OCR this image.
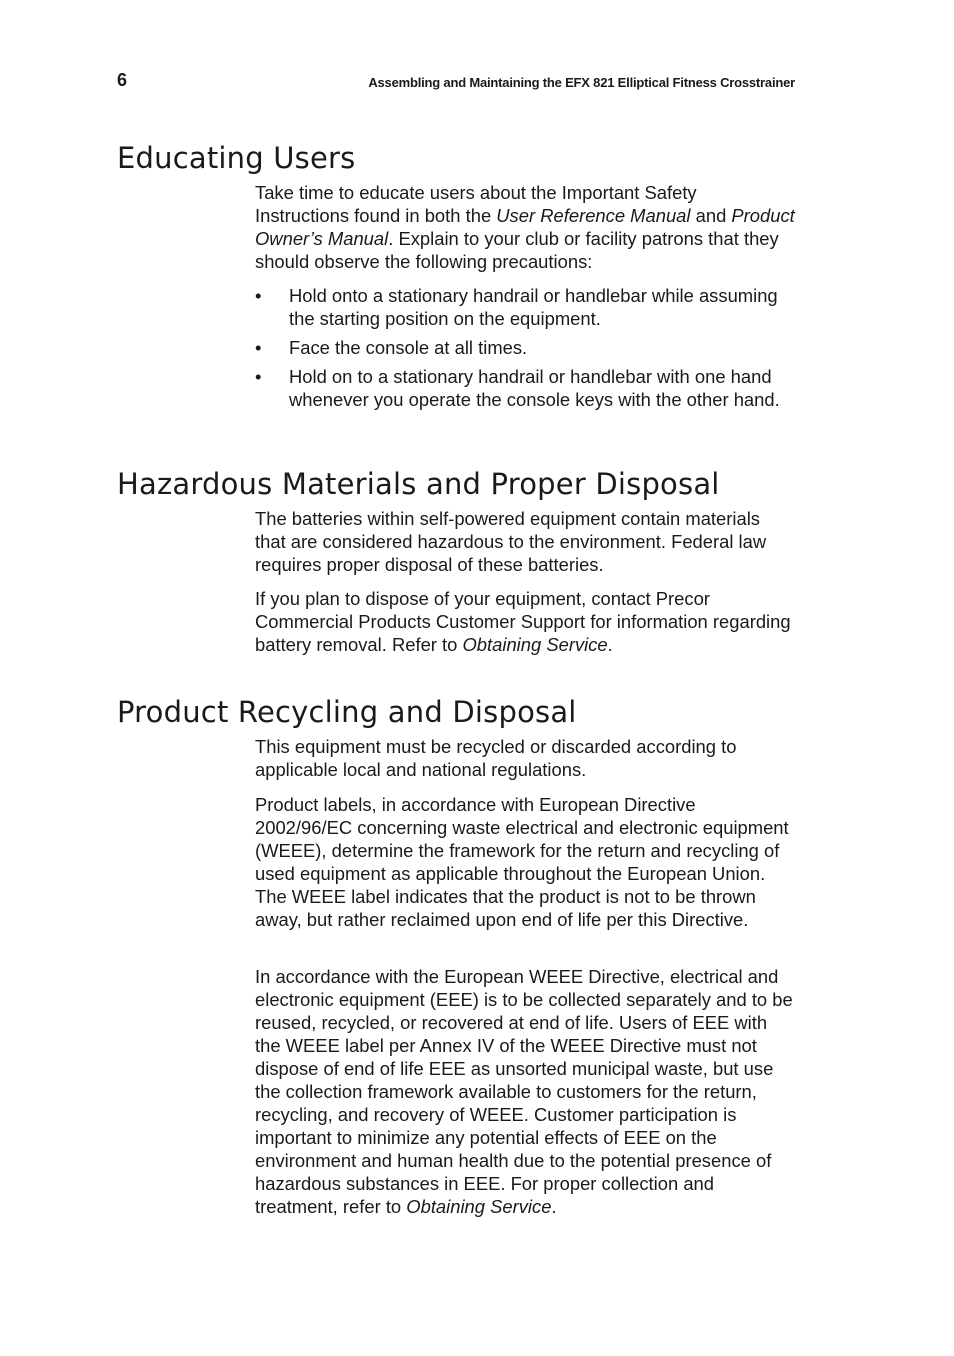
6	Assembling and Maintaining the EFX 821 Elliptical Fitness Crosstrainer
Educating Users

Take time to educate users about the Important Safety Instructions found in both the User Reference Manual and Product Owner’s Manual. Explain to your club or facility patrons that they should observe the following precautions:

•	Hold onto a stationary handrail or handlebar while assuming the starting position on the equipment.
•	Face the console at all times.
•	Hold on to a stationary handrail or handlebar with one hand whenever you operate the console keys with the other hand.
Hazardous Materials and Proper Disposal

The batteries within self-powered equipment contain materials that are considered hazardous to the environment. Federal law requires proper disposal of these batteries.

If you plan to dispose of your equipment, contact Precor Commercial Products Customer Support for information regarding battery removal. Refer to Obtaining Service.

Product Recycling and Disposal

This equipment must be recycled or discarded according to applicable local and national regulations.

Product labels, in accordance with European Directive 2002/96/EC concerning waste electrical and electronic equipment (WEEE), determine the framework for the return and recycling of used equipment as applicable throughout the European Union. The WEEE label indicates that the product is not to be thrown away, but rather reclaimed upon end of life per this Directive.

In accordance with the European WEEE Directive, electrical and electronic equipment (EEE) is to be collected separately and to be reused, recycled, or recovered at end of life. Users of EEE with the WEEE label per Annex IV of the WEEE Directive must not dispose of end of life EEE as unsorted municipal waste, but use the collection framework available to customers for the return, recycling, and recovery of WEEE. Customer participation is important to minimize any potential effects of EEE on the environment and human health due to the potential presence of hazardous substances in EEE. For proper collection and treatment, refer to Obtaining Service.
